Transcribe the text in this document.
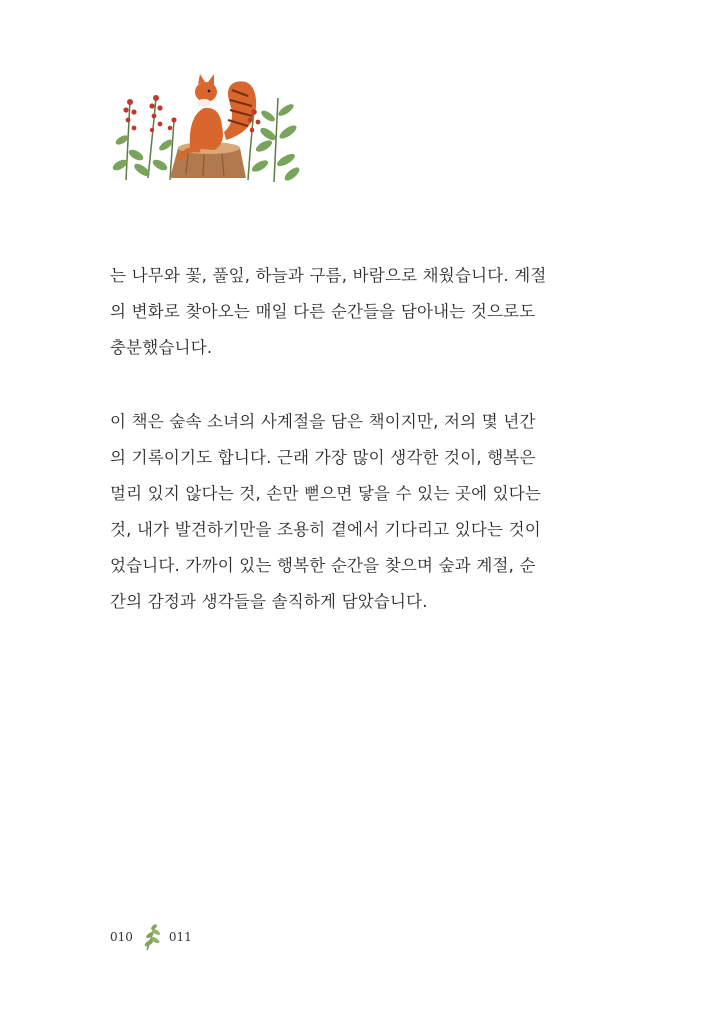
는 나무와 꽃, 풀잎, 하늘과 구름, 바람으로 채웠습니다. 계절
의 변화로 찾아오는 매일 다른 순간들을 담아내는 것으로도
충분했습니다.

이 책은 숲속 소녀의 사계절을 담은 책이지만, 저의 몇 년간
의 기록이기도 합니다. 근래 가장 많이 생각한 것이, 행복은
멀리 있지 않다는 것, 손만 뻗으면 닿을 수 있는 곳에 있다는
것, 내가 발견하기만을 조용히 곁에서 기다리고 있다는 것이
었습니다. 가까이 있는 행복한 순간을 찾으며 숲과 계절, 순
간의 감정과 생각들을 솔직하게 담았습니다.

010	011
